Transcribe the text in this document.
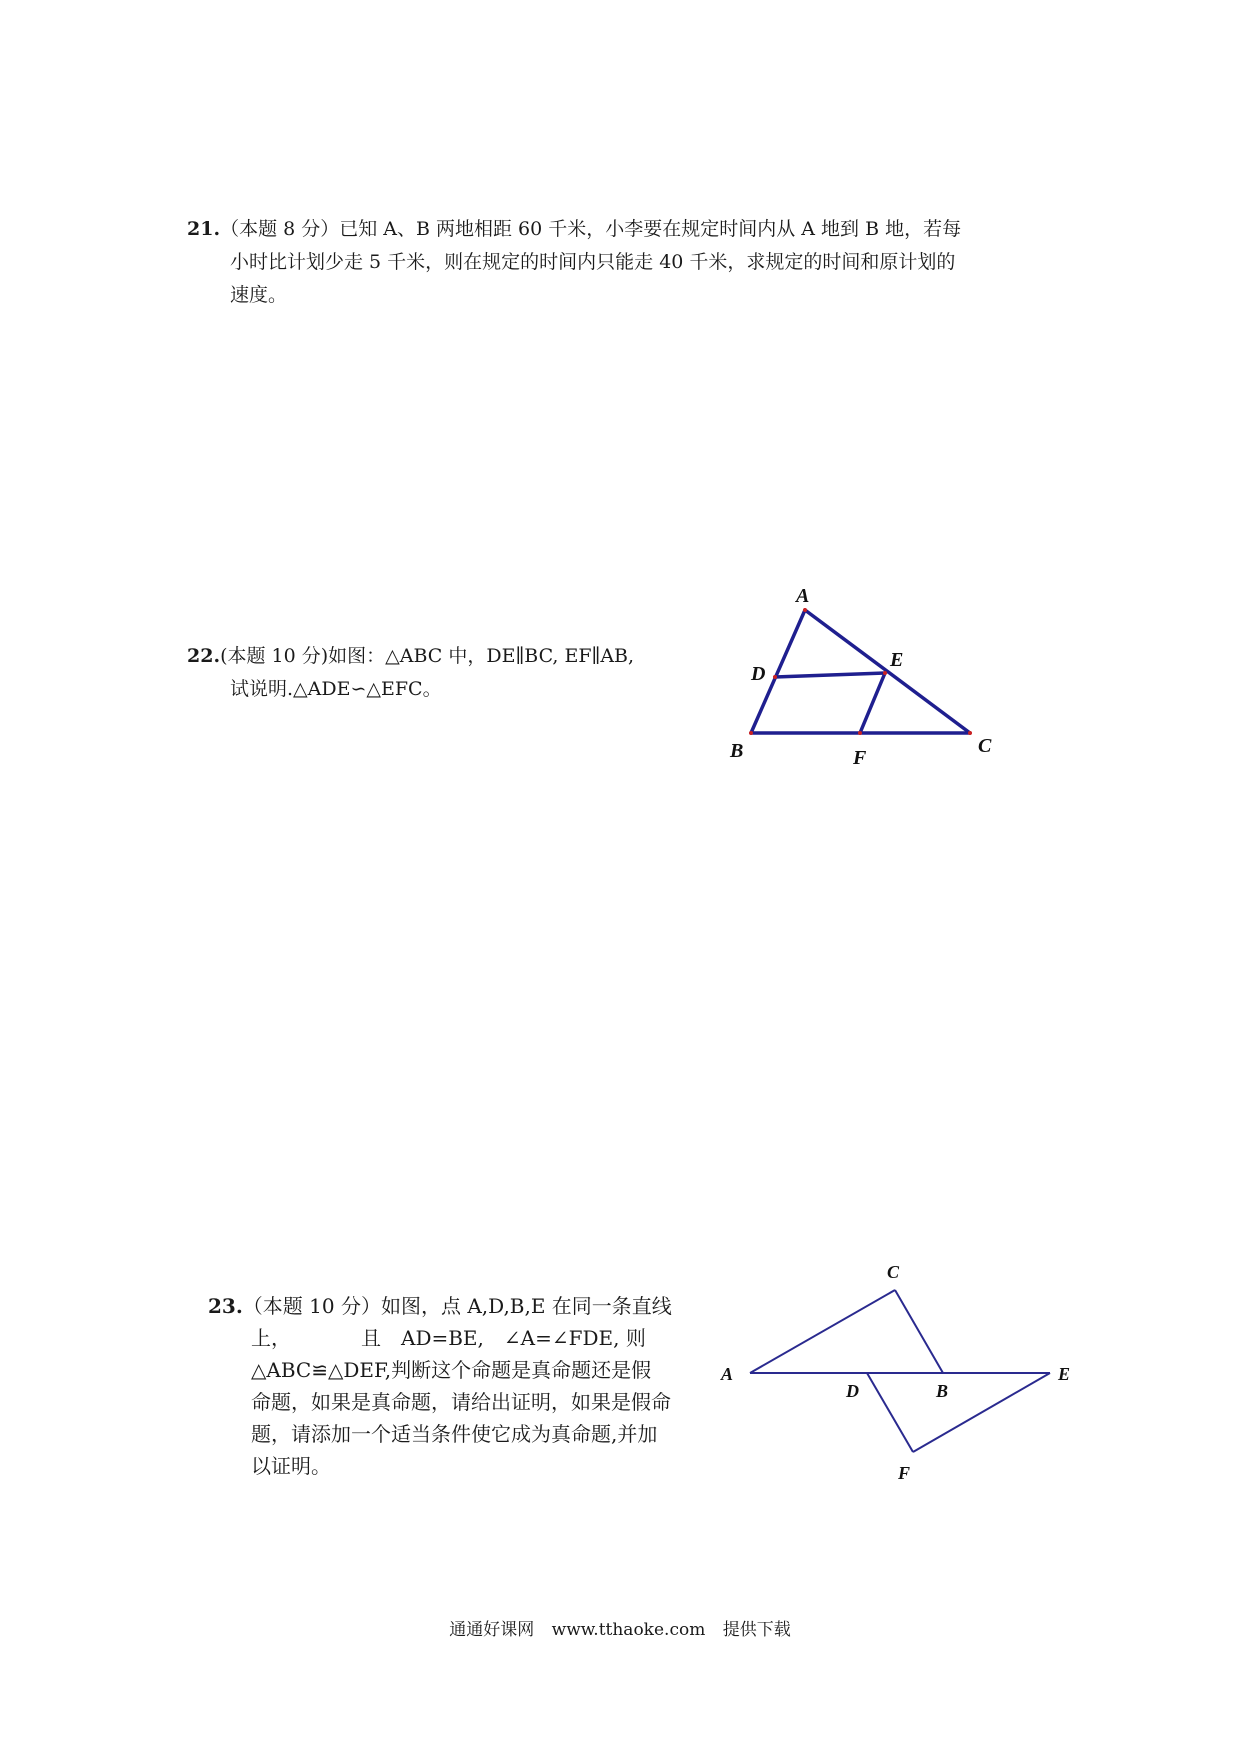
21.（本题 8 分）已知 A、B 两地相距 60 千米，小李要在规定时间内从 A 地到 B 地，若每
小时比计划少走 5 千米，则在规定的时间内只能走 40 千米，求规定的时间和原计划的
速度。
22.(本题 10 分)如图：△ABC 中，DE∥BC, EF∥AB,
试说明.△ADE∽△EFC。
A
B	C
D
E
F
23.（本题 10 分）如图，点 A,D,B,E 在同一条直线
上，　　　　且　AD=BE,　∠A=∠FDE, 则
△ABC≌△DEF,判断这个命题是真命题还是假
命题，如果是真命题，请给出证明，如果是假命
题，请添加一个适当条件使它成为真命题,并加
以证明。
A
C
D	B
E
F
通通好课网 www.tthaoke.com 提供下载
